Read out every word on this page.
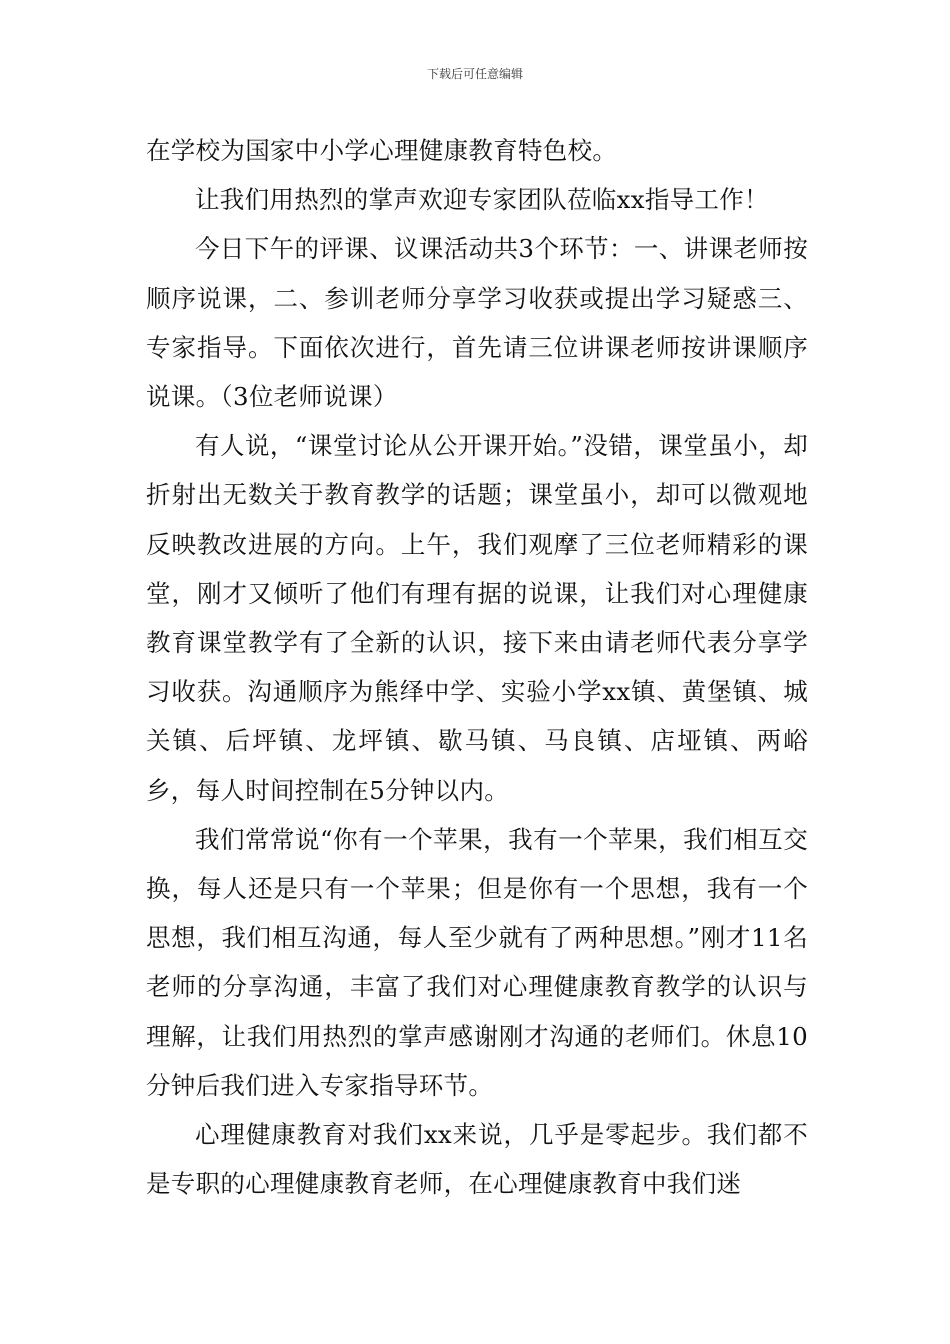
下载后可任意编辑

在学校为国家中小学心理健康教育特色校。

让我们用热烈的掌声欢迎专家团队莅临xx指导工作！

今日下午的评课、议课活动共3个环节：一、讲课老师按顺序说课，二、参训老师分享学习收获或提出学习疑惑三、专家指导。下面依次进行，首先请三位讲课老师按讲课顺序说课。（3位老师说课）

有人说，“课堂讨论从公开课开始。”没错，课堂虽小，却折射出无数关于教育教学的话题；课堂虽小，却可以微观地反映教改进展的方向。上午，我们观摩了三位老师精彩的课堂，刚才又倾听了他们有理有据的说课，让我们对心理健康教育课堂教学有了全新的认识，接下来由请老师代表分享学习收获。沟通顺序为熊绎中学、实验小学xx镇、黄堡镇、城关镇、后坪镇、龙坪镇、歇马镇、马良镇、店垭镇、两峪乡，每人时间控制在5分钟以内。

我们常常说“你有一个苹果，我有一个苹果，我们相互交换，每人还是只有一个苹果；但是你有一个思想，我有一个思想，我们相互沟通，每人至少就有了两种思想。”刚才11名老师的分享沟通，丰富了我们对心理健康教育教学的认识与理解，让我们用热烈的掌声感谢刚才沟通的老师们。休息10分钟后我们进入专家指导环节。

心理健康教育对我们xx来说，几乎是零起步。我们都不是专职的心理健康教育老师，在心理健康教育中我们迷
